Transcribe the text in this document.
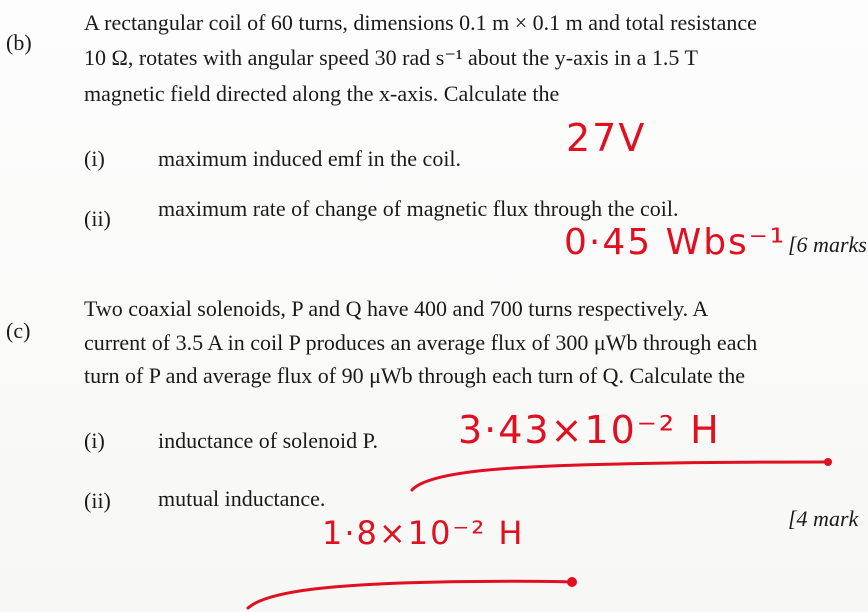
(b)
A rectangular coil of 60 turns, dimensions 0.1 m × 0.1 m and total resistance
10 Ω, rotates with angular speed 30 rad s⁻¹ about the y-axis in a 1.5 T
magnetic field directed along the x-axis. Calculate the
(i) maximum induced emf in the coil.
(ii) maximum rate of change of magnetic flux through the coil.
[6 marks
27V
0·45 Wbs⁻¹
(c)
Two coaxial solenoids, P and Q have 400 and 700 turns respectively. A
current of 3.5 A in coil P produces an average flux of 300 μWb through each
turn of P and average flux of 90 μWb through each turn of Q. Calculate the
(i) inductance of solenoid P.
(ii) mutual inductance.
[4 mark
3·43×10⁻² H
1·8×10⁻² H
